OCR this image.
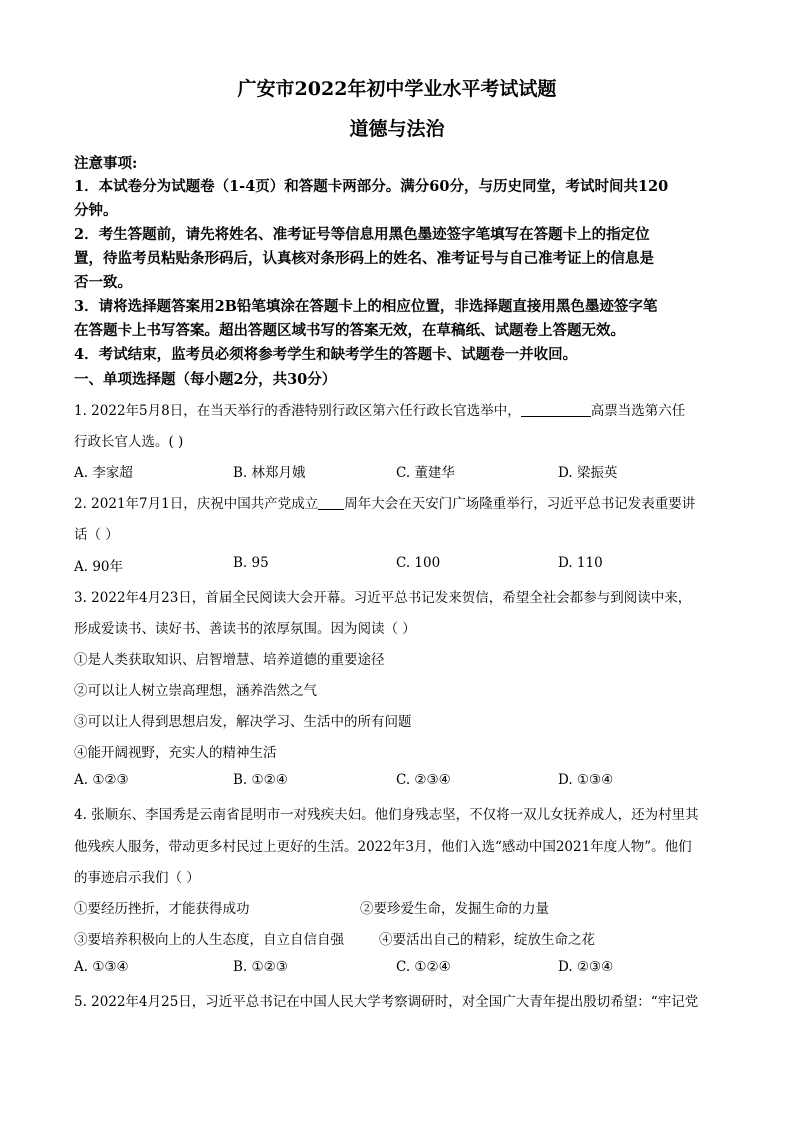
广安市2022年初中学业水平考试试题
道德与法治
注意事项:
1．本试卷分为试题卷（1-4页）和答题卡两部分。满分60分，与历史同堂，考试时间共120
分钟。
2．考生答题前，请先将姓名、准考证号等信息用黑色墨迹签字笔填写在答题卡上的指定位
置，待监考员粘贴条形码后，认真核对条形码上的姓名、准考证号与自己准考证上的信息是
否一致。
3．请将选择题答案用2B铅笔填涂在答题卡上的相应位置，非选择题直接用黑色墨迹签字笔
在答题卡上书写答案。超出答题区域书写的答案无效，在草稿纸、试题卷上答题无效。
4．考试结束，监考员必须将参考学生和缺考学生的答题卡、试题卷一并收回。
一、单项选择题（每小题2分，共30分）
1. 2022年5月8日，在当天举行的香港特别行政区第六任行政长官选举中，	高票当选第六任
行政长官人选。( )
A. 李家超	B. 林郑月娥	C. 董建华	D. 梁振英
2. 2021年7月1日，庆祝中国共产党成立 周年大会在天安门广场隆重举行，习近平总书记发表重要讲
话（ ）
A. 90年	B. 95	C. 100	D. 110
3. 2022年4月23日，首届全民阅读大会开幕。习近平总书记发来贺信，希望全社会都参与到阅读中来，
形成爱读书、读好书、善读书的浓厚氛围。因为阅读（ ）
①是人类获取知识、启智增慧、培养道德的重要途径
②可以让人树立崇高理想，涵养浩然之气
③可以让人得到思想启发，解决学习、生活中的所有问题
④能开阔视野，充实人的精神生活
A. ①②③	B. ①②④	C. ②③④	D. ①③④
4. 张顺东、李国秀是云南省昆明市一对残疾夫妇。他们身残志坚，不仅将一双儿女抚养成人，还为村里其
他残疾人服务，带动更多村民过上更好的生活。2022年3月，他们入选“感动中国2021年度人物”。他们
的事迹启示我们（ ）
①要经历挫折，才能获得成功	②要珍爱生命，发掘生命的力量
③要培养积极向上的人生态度，自立自信自强	④要活出自己的精彩，绽放生命之花
A. ①③④	B. ①②③	C. ①②④	D. ②③④
5. 2022年4月25日，习近平总书记在中国人民大学考察调研时，对全国广大青年提出殷切希望：“牢记党
